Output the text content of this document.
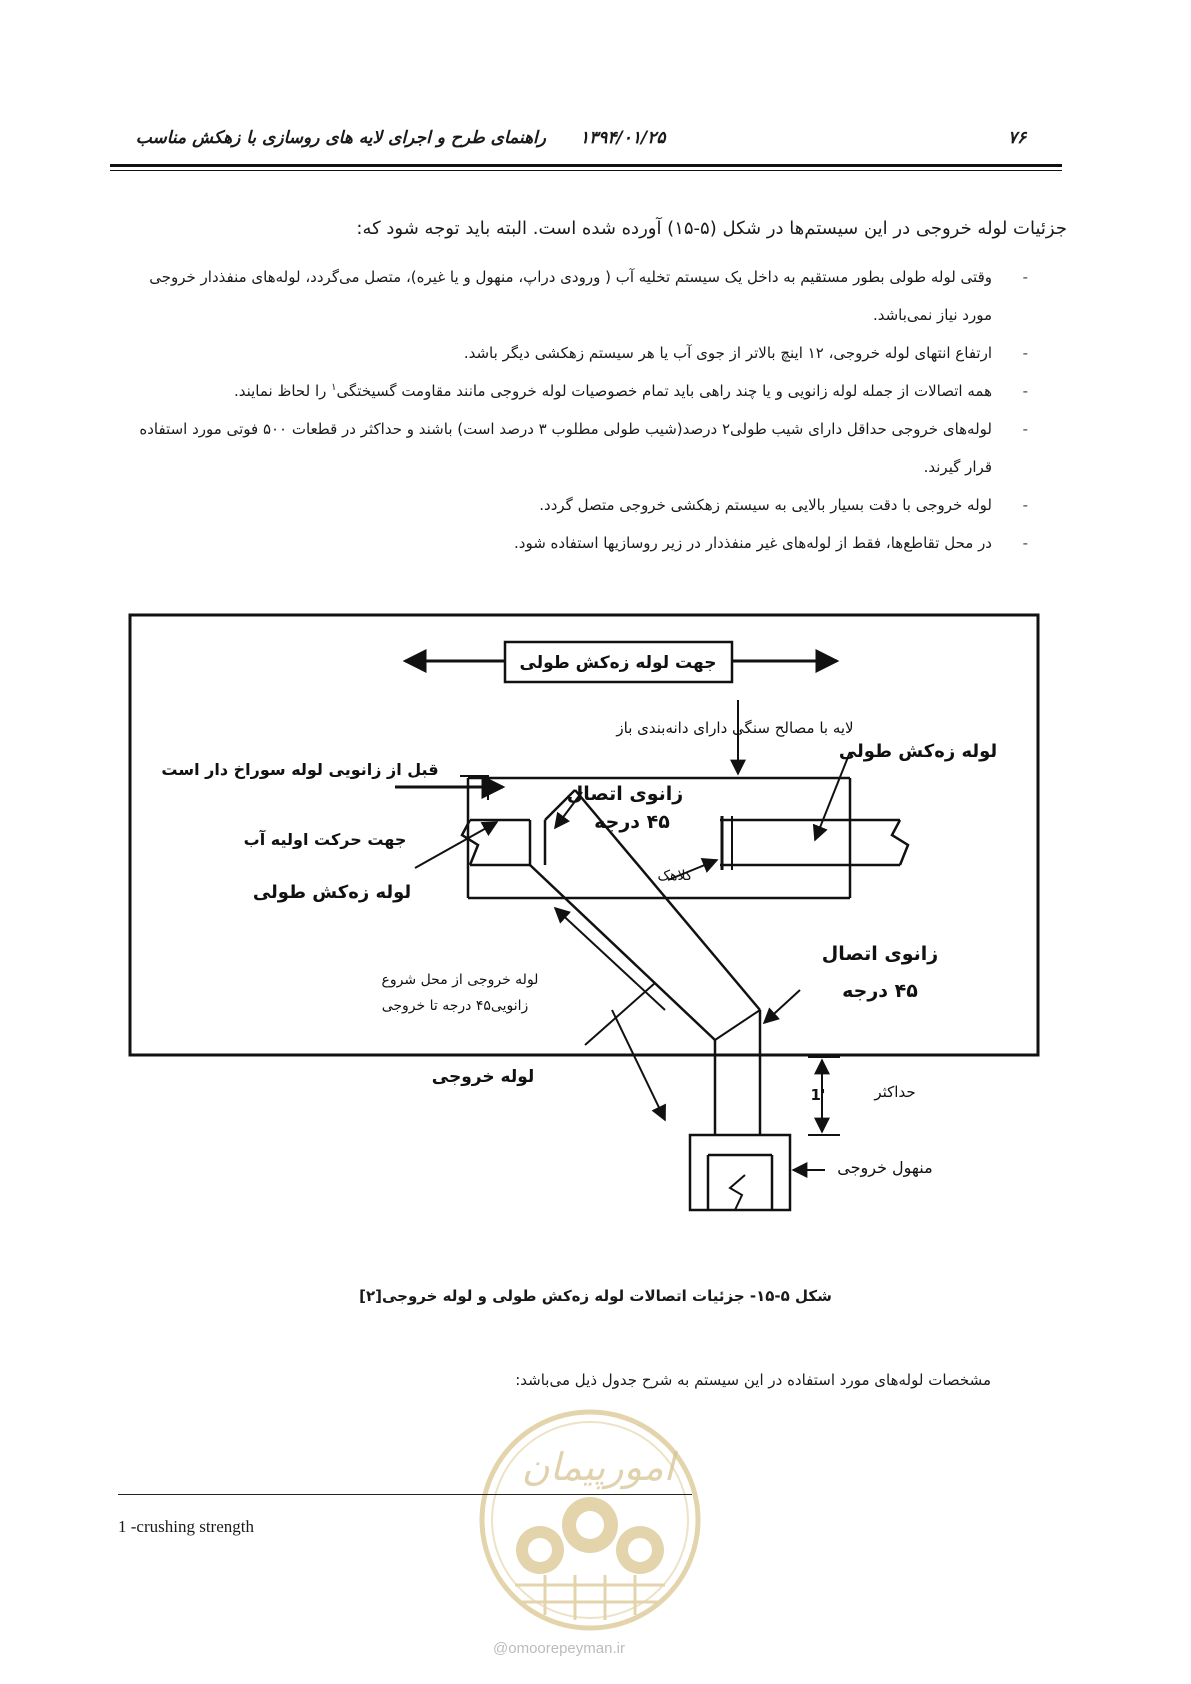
۷۶
۱۳۹۴/۰۱/۲۵
راهنمای طرح و اجرای لایه های روسازی با زهکش مناسب
جزئیات لوله خروجی در این سیستم‌ها در شکل (۵-۱۵) آورده شده است. البته باید توجه شود که:
- وقتی لوله طولی بطور مستقیم به داخل یک سیستم تخلیه آب ( ورودی دراپ، منهول و یا غیره)، متصل می‌گردد، لوله‌های منفذدار خروجی مورد نیاز نمی‌باشد.
- ارتفاع انتهای لوله خروجی، ۱۲ اینچ بالاتر از جوی آب یا هر سیستم زهکشی دیگر باشد.
- همه اتصالات از جمله لوله زانویی و یا چند راهی باید تمام خصوصیات لوله خروجی مانند مقاومت گسیختگی$^۱$ را لحاظ نمایند.
- لوله‌های خروجی حداقل دارای شیب طولی۲ درصد(شیب طولی مطلوب ۳ درصد است) باشند و حداکثر در قطعات ۵۰۰ فوتی مورد استفاده قرار گیرند.
- لوله خروجی با دقت بسیار بالایی به سیستم زهکشی خروجی متصل گردد.
- در محل تقاطع‌ها، فقط از لوله‌های غیر منفذدار در زیر روسازیها استفاده شود.
جهت لوله زه‌کش طولی
لایه با مصالح سنگی دارای دانه‌بندی باز
لوله زه‌کش طولی
قبل از زانویی لوله سوراخ دار است
زانوی اتصال
۴۵ درجه
جهت حرکت اولیه آب
لوله زه‌کش طولی
کلاهک
لوله خروجی از محل شروع
زانویی۴۵ درجه تا خروجی
زانوی اتصال
۴۵ درجه
لوله خروجی
حداکثر
1'
منهول خروجی
شکل ۵-۱۵- جزئیات اتصالات لوله زه‌کش طولی و لوله خروجی[۲]
مشخصات لوله‌های مورد استفاده در این سیستم به شرح جدول ذیل می‌باشد:
امورپیمان
1 -crushing strength
@omoorepeyman.ir
